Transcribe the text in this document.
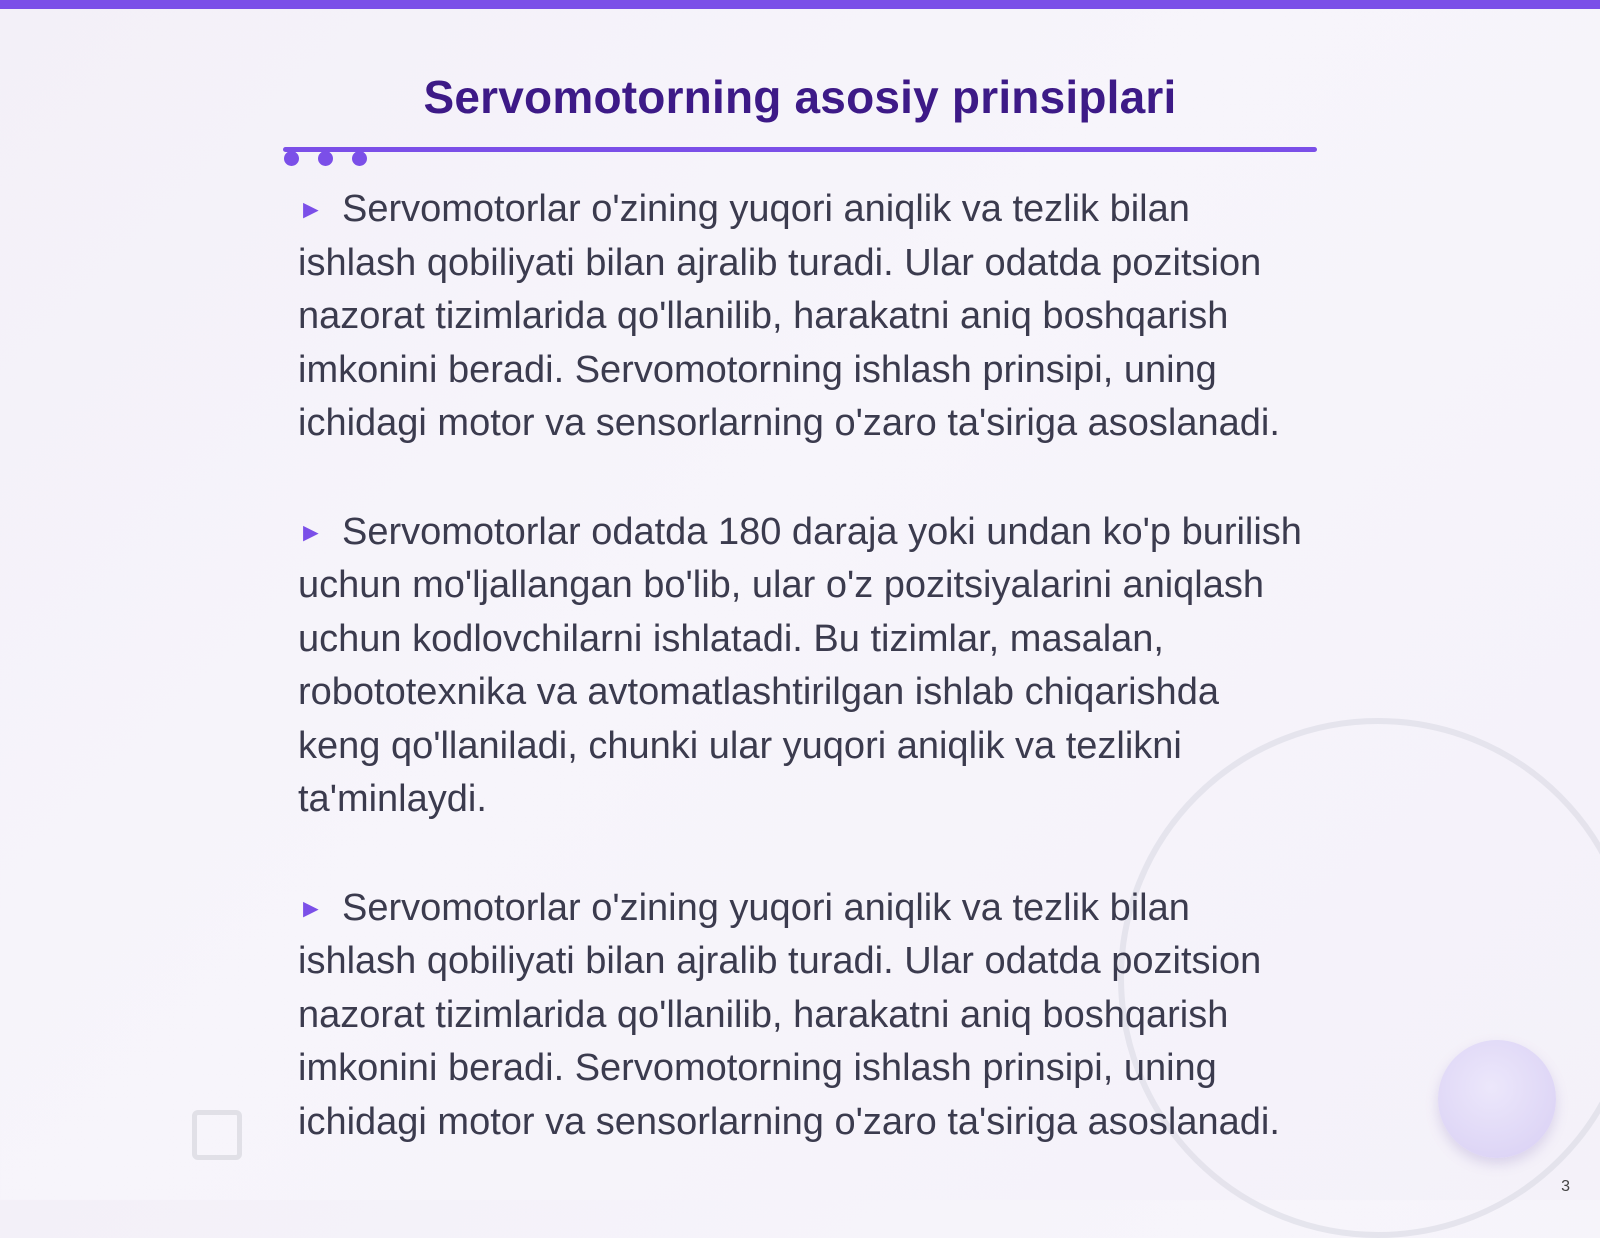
Servomotorning asosiy prinsiplari

► Servomotorlar o'zining yuqori aniqlik va tezlik bilan ishlash qobiliyati bilan ajralib turadi. Ular odatda pozitsion nazorat tizimlarida qo'llanilib, harakatni aniq boshqarish imkonini beradi. Servomotorning ishlash prinsipi, uning ichidagi motor va sensorlarning o'zaro ta'siriga asoslanadi.

► Servomotorlar odatda 180 daraja yoki undan ko'p burilish uchun mo'ljallangan bo'lib, ular o'z pozitsiyalarini aniqlash uchun kodlovchilarni ishlatadi. Bu tizimlar, masalan, robototexnika va avtomatlashtirilgan ishlab chiqarishda keng qo'llaniladi, chunki ular yuqori aniqlik va tezlikni ta'minlaydi.

► Servomotorlar o'zining yuqori aniqlik va tezlik bilan ishlash qobiliyati bilan ajralib turadi. Ular odatda pozitsion nazorat tizimlarida qo'llanilib, harakatni aniq boshqarish imkonini beradi. Servomotorning ishlash prinsipi, uning ichidagi motor va sensorlarning o'zaro ta'siriga asoslanadi.

3
